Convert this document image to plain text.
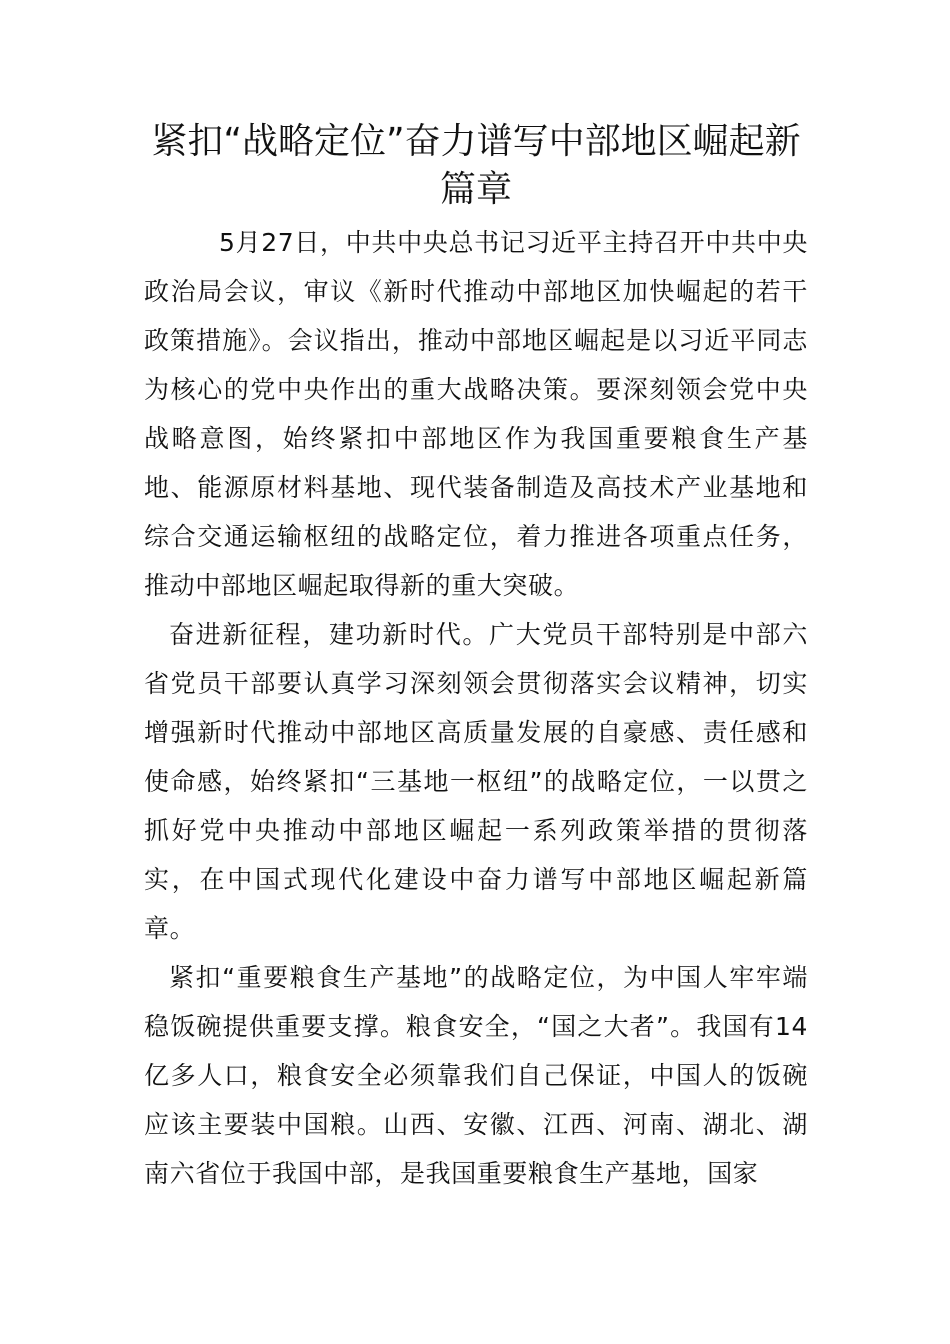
紧扣“战略定位”奋力谱写中部地区崛起新篇章

5月27日，中共中央总书记习近平主持召开中共中央政治局会议，审议《新时代推动中部地区加快崛起的若干政策措施》。会议指出，推动中部地区崛起是以习近平同志为核心的党中央作出的重大战略决策。要深刻领会党中央战略意图，始终紧扣中部地区作为我国重要粮食生产基地、能源原材料基地、现代装备制造及高技术产业基地和综合交通运输枢纽的战略定位，着力推进各项重点任务，推动中部地区崛起取得新的重大突破。

奋进新征程，建功新时代。广大党员干部特别是中部六省党员干部要认真学习深刻领会贯彻落实会议精神，切实增强新时代推动中部地区高质量发展的自豪感、责任感和使命感，始终紧扣“三基地一枢纽”的战略定位，一以贯之抓好党中央推动中部地区崛起一系列政策举措的贯彻落实，在中国式现代化建设中奋力谱写中部地区崛起新篇章。

紧扣“重要粮食生产基地”的战略定位，为中国人牢牢端稳饭碗提供重要支撑。粮食安全，“国之大者”。我国有14亿多人口，粮食安全必须靠我们自己保证，中国人的饭碗应该主要装中国粮。山西、安徽、江西、河南、湖北、湖南六省位于我国中部，是我国重要粮食生产基地，国家
